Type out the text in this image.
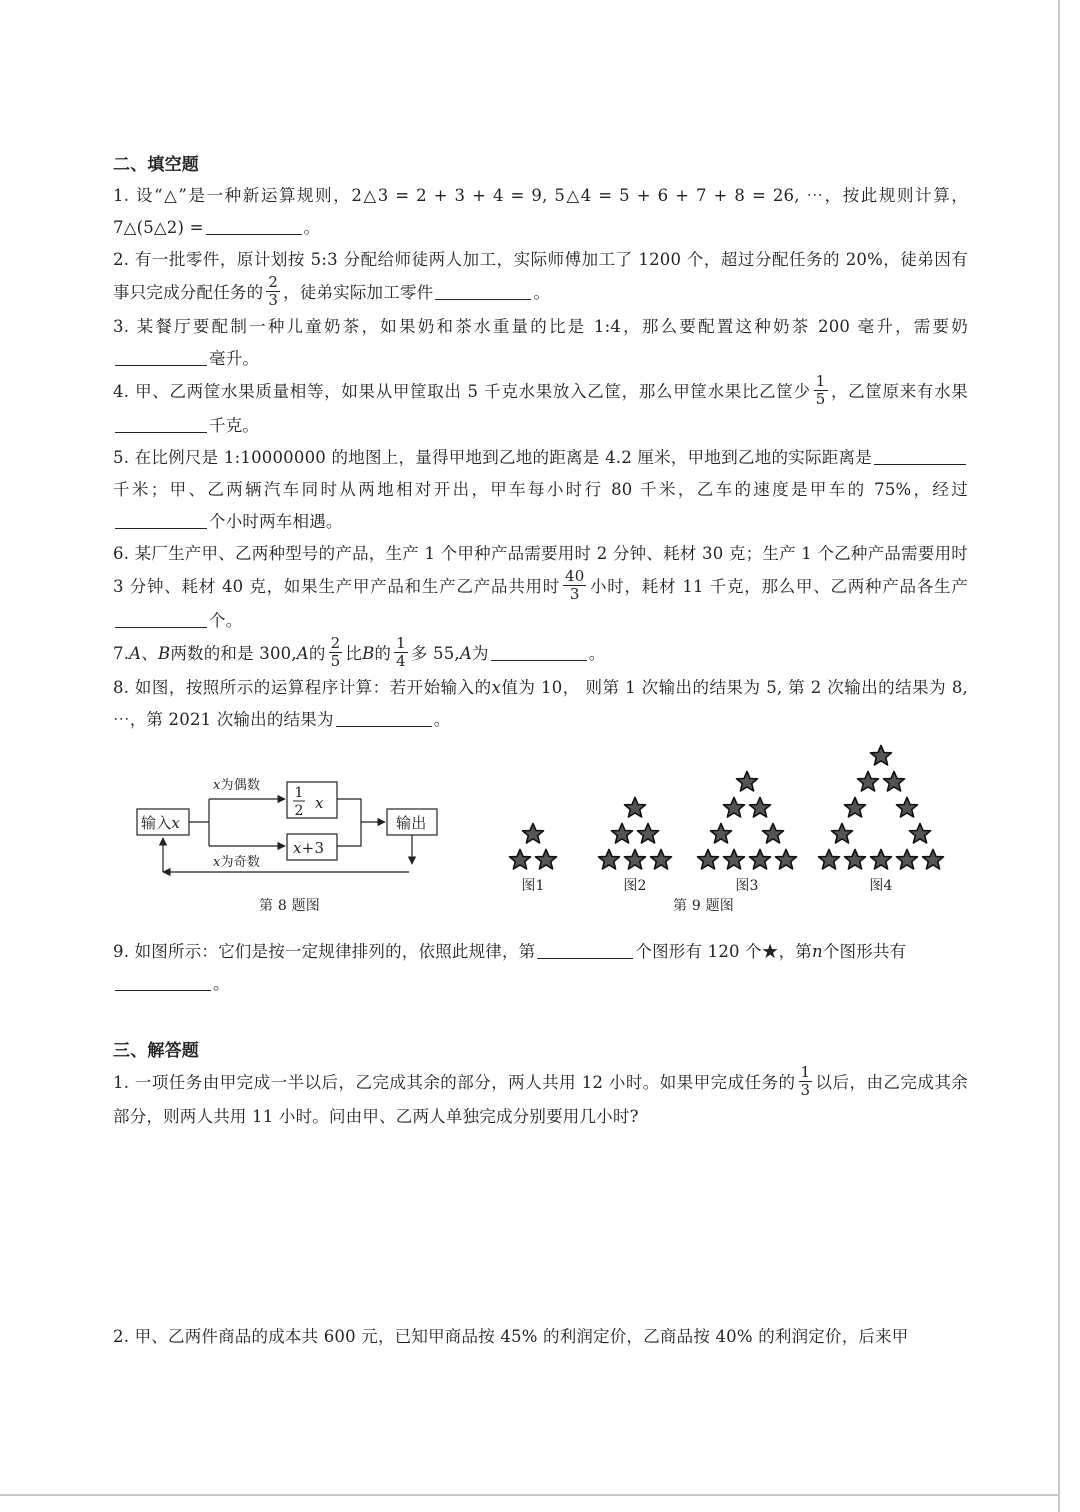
二、填空题

1. 设“△”是一种新运算规则，2△3 = 2 + 3 + 4 = 9, 5△4 = 5 + 6 + 7 + 8 = 26, ⋯，按此规则计算，7△(5△2) =	。

2. 有一批零件，原计划按 5:3 分配给师徒两人加工，实际师傅加工了 1200 个，超过分配任务的 20%，徒弟因有事只完成分配任务的 $\frac{2}{3}$ ，徒弟实际加工零件	。

3. 某餐厅要配制一种儿童奶茶，如果奶和茶水重量的比是 1:4，那么要配置这种奶茶 200 毫升，需要奶毫升。

4. 甲、乙两筐水果质量相等，如果从甲筐取出 5 千克水果放入乙筐，那么甲筐水果比乙筐少 $\frac{1}{5}$ ，乙筐原来有水果千克。

5. 在比例尺是 1:10000000 的地图上，量得甲地到乙地的距离是 4.2 厘米，甲地到乙地的实际距离是千米；甲、乙两辆汽车同时从两地相对开出，甲车每小时行 80 千米，乙车的速度是甲车的 75%，经过个小时两车相遇。

6. 某厂生产甲、乙两种型号的产品，生产 1 个甲种产品需要用时 2 分钟、耗材 30 克；生产 1 个乙种产品需要用时 3 分钟、耗材 40 克，如果生产甲产品和生产乙产品共用时 $\frac{40}{3}$ 小时，耗材 11 千克，那么甲、乙两种产品各生产个。

7.A、B两数的和是 300,A的 $\frac{2}{5}$ 比B的 $\frac{1}{4}$ 多 55,A为	。

8. 如图，按照所示的运算程序计算：若开始输入的x值为 10， 则第 1 次输出的结果为 5, 第 2 次输出的结果为 8, ⋯，第 2021 次输出的结果为	。

输入x
x为偶数
x为奇数
1
2 x
x+3
输出
第 8 题图
图1	图2	图3	图4
第 9 题图

9. 如图所示：它们是按一定规律排列的，依照此规律，第	个图形有 120 个★，第n个图形共有
。

三、解答题

1. 一项任务由甲完成一半以后，乙完成其余的部分，两人共用 12 小时。如果甲完成任务的 $\frac{1}{3}$ 以后，由乙完成其余部分，则两人共用 11 小时。问由甲、乙两人单独完成分别要用几小时?

2. 甲、乙两件商品的成本共 600 元，已知甲商品按 45% 的利润定价，乙商品按 40% 的利润定价，后来甲
